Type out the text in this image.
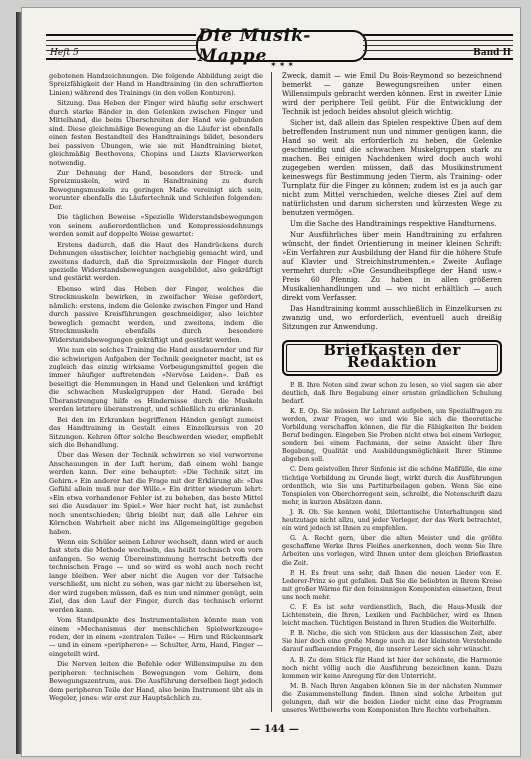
Heft 5
Die Musik-Mappe	Band II
✶✶✶

gebotenen Handzeichnungen. Die folgende Abbildung zeigt die Spreizfähigkeit der Hand in Handtraining (in den schraffierten Linien) während des Trainings (in den vollen Konturen).

Sitzung. Das Heben der Finger wird häufig sehr erschwert durch starke Bänder in den Gelenken zwischen Finger und Mittelhand, die beim Überschreiten der Hand wie gebunden sind. Diese gleichmäßige Bewegung an die Läufer ist ebenfalls einen festen Bestandteil des Handtrainings bildet, besonders bei passiven Übungen, wie sie mit Handtraining bietet, gleichmäßig Beethovens, Chopins und Liszts Klavierwerken notwendig.

Zur Dehnung der Hand, besonders der Streck- und Spreizmuskeln, wird in Handtraining zu durch Bewegungsmuskeln zu geringen Maße vereinigt sich sein, worunter ebenfalls die Läufertechnik und Schleifen folgenden: Der.

Die täglichen Beweise »Spezielle Widerstandsbewegungen von seinem außerordentlichen und Kompressiosdehnungs werden somit auf doppelte Weise gewartet:

Erstens dadurch, daß die Haut des Handrückens durch Dehnungen elastischer, leichter nachgiebig gemacht wird, und zweitens dadurch, daß die Spreizmuskeln der Finger durch spezielle Widerstandsbewegungen ausgebildet, also gekräftigt und gestärkt werden.

Ebenso wird das Heben der Finger, welches die Streckmuskeln bewirken, in zweifacher Weise gefördert, nämlich: erstens, indem die Gelenke zwischen Finger und Hand durch passive Kreisführungen geschmeidiger, also leichter beweglich gemacht werden, und zweitens, indem die Streckmuskeln ebenfalls durch besondere Widerstandsbewegungen gekräftigt und gestärkt werden.

Wie nun ein solches Training die Hand ausdauernder und für die schwierigen Aufgaben der Technik geeigneter macht, ist es zugleich das einzig wirksame Vorbeugungsmittel gegen die immer häufiger auftretenden »Nervöse Leiden«. Daß es beseitigt die Hemmungen in Hand und Gelenken und kräftigt die schwachen Muskelgruppen der Hand. Gerade bei Überanstrengung hilfe es Hindernisse durch die Muskeln werden letztere überanstrengt, und schließlich zu erkranken.

Bei den im Erkranken begriffenen Händen genügt zumeist das Handtraining in Gestalt eines Einzelkursus von 20 Sitzungen. Kehren öfter solche Beschwerden wieder, empfiehlt sich die Behandlung.

Über das Wesen der Technik schwirren so viel verworrene Anschauungen in der Luft herum, daß einem wohl bange werden kann. Der eine behauptet: »Die Technik sitzt im Gehirn.« Ein anderer hat die Frage mit der Erklärung ab: »Das Gefühl allein muß nur der Wille.« Ein dritter wiederum lehrt: »Ein etwa vorhandener Fehler ist zu beheben, das beste Mittel sei die Ausdauer im Spiel.« Wer hier recht hat, ist zunächst noch unentschieden; übrig bleibt nur, daß alle Lehrer ein Körnchen Wahrheit aber nicht ins Allgemeingültige gegeben haben.

Wenn ein Schüler seinen Lehrer wechselt, dann wird er auch fast stets die Methode wechseln, das heißt technisch von vorn anfangen. So wenig Übereinstimmung herrscht betreffs der technischen Frage — und so wird es wohl auch noch recht lange bleiben. Wer aber nicht die Augen vor der Tatsache verschließt, um nicht zu sehen, was gar nicht zu übersehen ist, der wird zugeben müssen, daß es nun und nimmer genügt, sein Ziel, das den Lauf der Finger, durch das technisch erlernt werden kann.

Vom Standpunkte des Instrumentalisten könnte man von einem »Mechanismus der menschlichen Spielwerkzeuge« reden, der in einem »zentralen Teile« — Hirn und Rückenmark — und in einem »peripheren« — Schulter, Arm, Hand, Finger — eingeteilt wird.

Die Nerven leiten die Befehle oder Willensimpulse zu den peripheren technischen Bewegungen vom Gehirn, dem Bewegungszentrum, aus. Die Ausführung derselben liegt jedoch dem peripheren Teile der Hand, also beim Instrument übt als in Wegeler, jenes: wir erst zur Hauptsächlich zu.

Zweck, damit — wie Emil Du Bois-Reymond so bezeichnend bemerkt — ganze Bewegungsreihen unter einen Willensimpuls gebracht werden können. Erst in zweiter Linie wird der periphere Teil geübt. Für die Entwicklung der Technik ist jedoch beides absolut gleich wichtig.

Sicher ist, daß allein das Spielen respektive Üben auf dem betreffenden Instrument nun und nimmer genügen kann, die Hand so weit als erforderlich zu heben, die Gelenke geschmeidig und die schwachen Muskelgruppen stark zu machen. Bei einigen Nachdenken wird doch auch wohl zugegeben werden müssen, daß das Musikinstrument keineswegs für Bestimmung jeden Tierm, als Training- oder Turnplatz für die Finger zu können; zudem ist es ja auch gar nicht zum Mittel verschieden, welche dieses Ziel auf dem natürlichsten und darum sichersten und kürzesten Wege zu benutzen vermögen.

Um die Sache des Handtrainings respektive Handturnens.

Nur Ausführliches über mein Handtraining zu erfahren wünscht, der findet Orientierung in meiner kleinen Schrift: »Ein Verfahren zur Ausbildung der Hand für die höhere Stufe auf Klavier und Streichinstrumenten.« Zweite Auflage vermehrt durch: »Die Gesundheitspflege der Hand usw.« Preis 60 Pfennig. Zu haben in allen größeren Musikalienhandlungen und — wo nicht erhältlich — auch direkt vom Verfasser.

Das Handtraining kommt ausschließlich in Einzelkursen zu zwanzig und, wo erforderlich, eventuell auch dreißig Sitzungen zur Anwendung.

Briefkasten der Redaktion

P. B. Ihre Noten sind zwar schon zu lesen, so viel sagen sie aber deutlich, daß Ihre Begabung einer ernsten gründlichen Schulung bedarf.

K. E. Op. Sie müssen Ihr Lehramt aufgeben, um Spezialfragen zu werden, zwar Fragen, wo und wie Sie sich die theoretische Vorbildung verschaffen können, die für die Fähigkeiten Ihr beiden Beruf bedingen. Eingeben Sie Proben nicht etwa bei einem Verleger, sondern bei einem Fachmann, der seine Ansicht über Ihre Begabung, Qualität und Ausbildungsmöglichkeit Ihrer Stimme abgeben soll.

C. Dem geistvollen Ihrer Sinfonie ist die schöne Maßfülle, die eine tüchtige Vorbildung zu Grunde liegt, wirkt durch die Ausführungen ordentlich, wie Sie uns Partiturbeilagen geben. Wenn Sie eine Tonspielen von Oberchorregent sein, schreibt, die Notenschrift dazu mehr, in kurzen Absätzen dann.

J. R. Ob. Sie kennen wohl, Dilettantische Unterhaltungen sind heutzutage nicht allzu, und jeder Verleger, der das Werk betrachtet, ein wird jedoch ist Ihnen zu empfehlen.

G. A. Recht gern, über die alten Meister und die größte geschaffene Werke Ihres Fleißes anerkennen, doch wenn Sie Ihre Arbeiten uns vorlegen, wird Ihnen unter dem gleichen Briefkasten die Zeit.

P. H. Es freut uns sehr, daß Ihnen die neuen Lieder von E. Lederer-Prinz so gut gefallen. Daß Sie die beliebten in Ihrem Kreise mit großer Wärme für den feinsinnigen Komponisten einsetzen, freut uns noch mehr.

C. F. Es ist sehr verdienstlich, Bach, die Haus-Musik der Lichtenstein, die Ihren, Lexiken und Fachbücher, wird es Ihnen leicht machen. Tüchtigen Beistand in Ihren Studien die Weiterhilfe.

P. B. Niche, die sich von Stücken aus der klassischen Zeit, aber Sie hier doch eine große Menge auch zu der kleinsten Verstehende darauf aufbauenden Fragen, die unserer Leser sich sehr wünscht.

A. B. Zu dem Stück für Hand ist hier der schönste, die Harmonie noch nicht völlig auch die Ausführung bezeichnen kann. Dazu kommen wir keine Anregung für den Unterricht.

M. B. Nach Ihren Angaben können Sie in der nächsten Nummer die Zusammenstellung finden. Ihnen sind solche Arbeiten gut gelungen, daß wir die beiden Lieder nicht eine das Programm unseres Wettbewerbs vom Komponisten Ihre Rechte vorbehalten.

— 144 —
